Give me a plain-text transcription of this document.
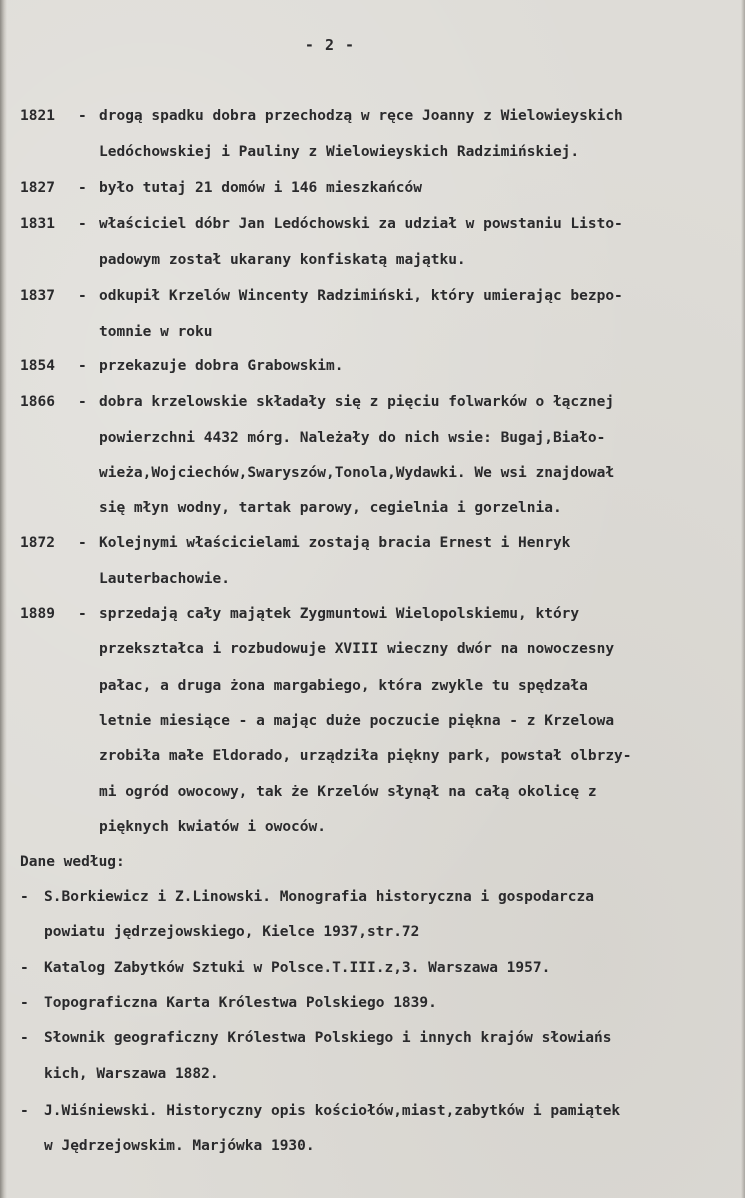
- 2 -
1821 - drogą spadku dobra przechodzą w ręce Joanny z Wielowieyskich
Ledóchowskiej i Pauliny z Wielowieyskich Radzimińskiej.
1827 - było tutaj 21 domów i 146 mieszkańców
1831 - właściciel dóbr Jan Ledóchowski za udział w powstaniu Listo-
padowym został ukarany konfiskatą majątku.
1837 - odkupił Krzelów Wincenty Radzimiński, który umierając bezpo-
tomnie w roku
1854 - przekazuje dobra Grabowskim.
1866 - dobra krzelowskie składały się z pięciu folwarków o łącznej
powierzchni 4432 mórg. Należały do nich wsie: Bugaj,Biało-
wieża,Wojciechów,Swaryszów,Tonola,Wydawki. We wsi znajdował
się młyn wodny, tartak parowy, cegielnia i gorzelnia.
1872 - Kolejnymi właścicielami zostają bracia Ernest i Henryk
Lauterbachowie.
1889 - sprzedają cały majątek Zygmuntowi Wielopolskiemu, który
przekształca i rozbudowuje XVIII wieczny dwór na nowoczesny
pałac, a druga żona margabiego, która zwykle tu spędzała
letnie miesiące - a mając duże poczucie piękna - z Krzelowa
zrobiła małe Eldorado, urządziła piękny park, powstał olbrzy-
mi ogród owocowy, tak że Krzelów słynął na całą okolicę z
pięknych kwiatów i owoców.
Dane według:
- S.Borkiewicz i Z.Linowski. Monografia historyczna i gospodarcza
powiatu jędrzejowskiego, Kielce 1937,str.72
- Katalog Zabytków Sztuki w Polsce.T.III.z,3. Warszawa 1957.
- Topograficzna Karta Królestwa Polskiego 1839.
- Słownik geograficzny Królestwa Polskiego i innych krajów słowiańs
kich, Warszawa 1882.
- J.Wiśniewski. Historyczny opis kościołów,miast,zabytków i pamiątek
w Jędrzejowskim. Marjówka 1930.
